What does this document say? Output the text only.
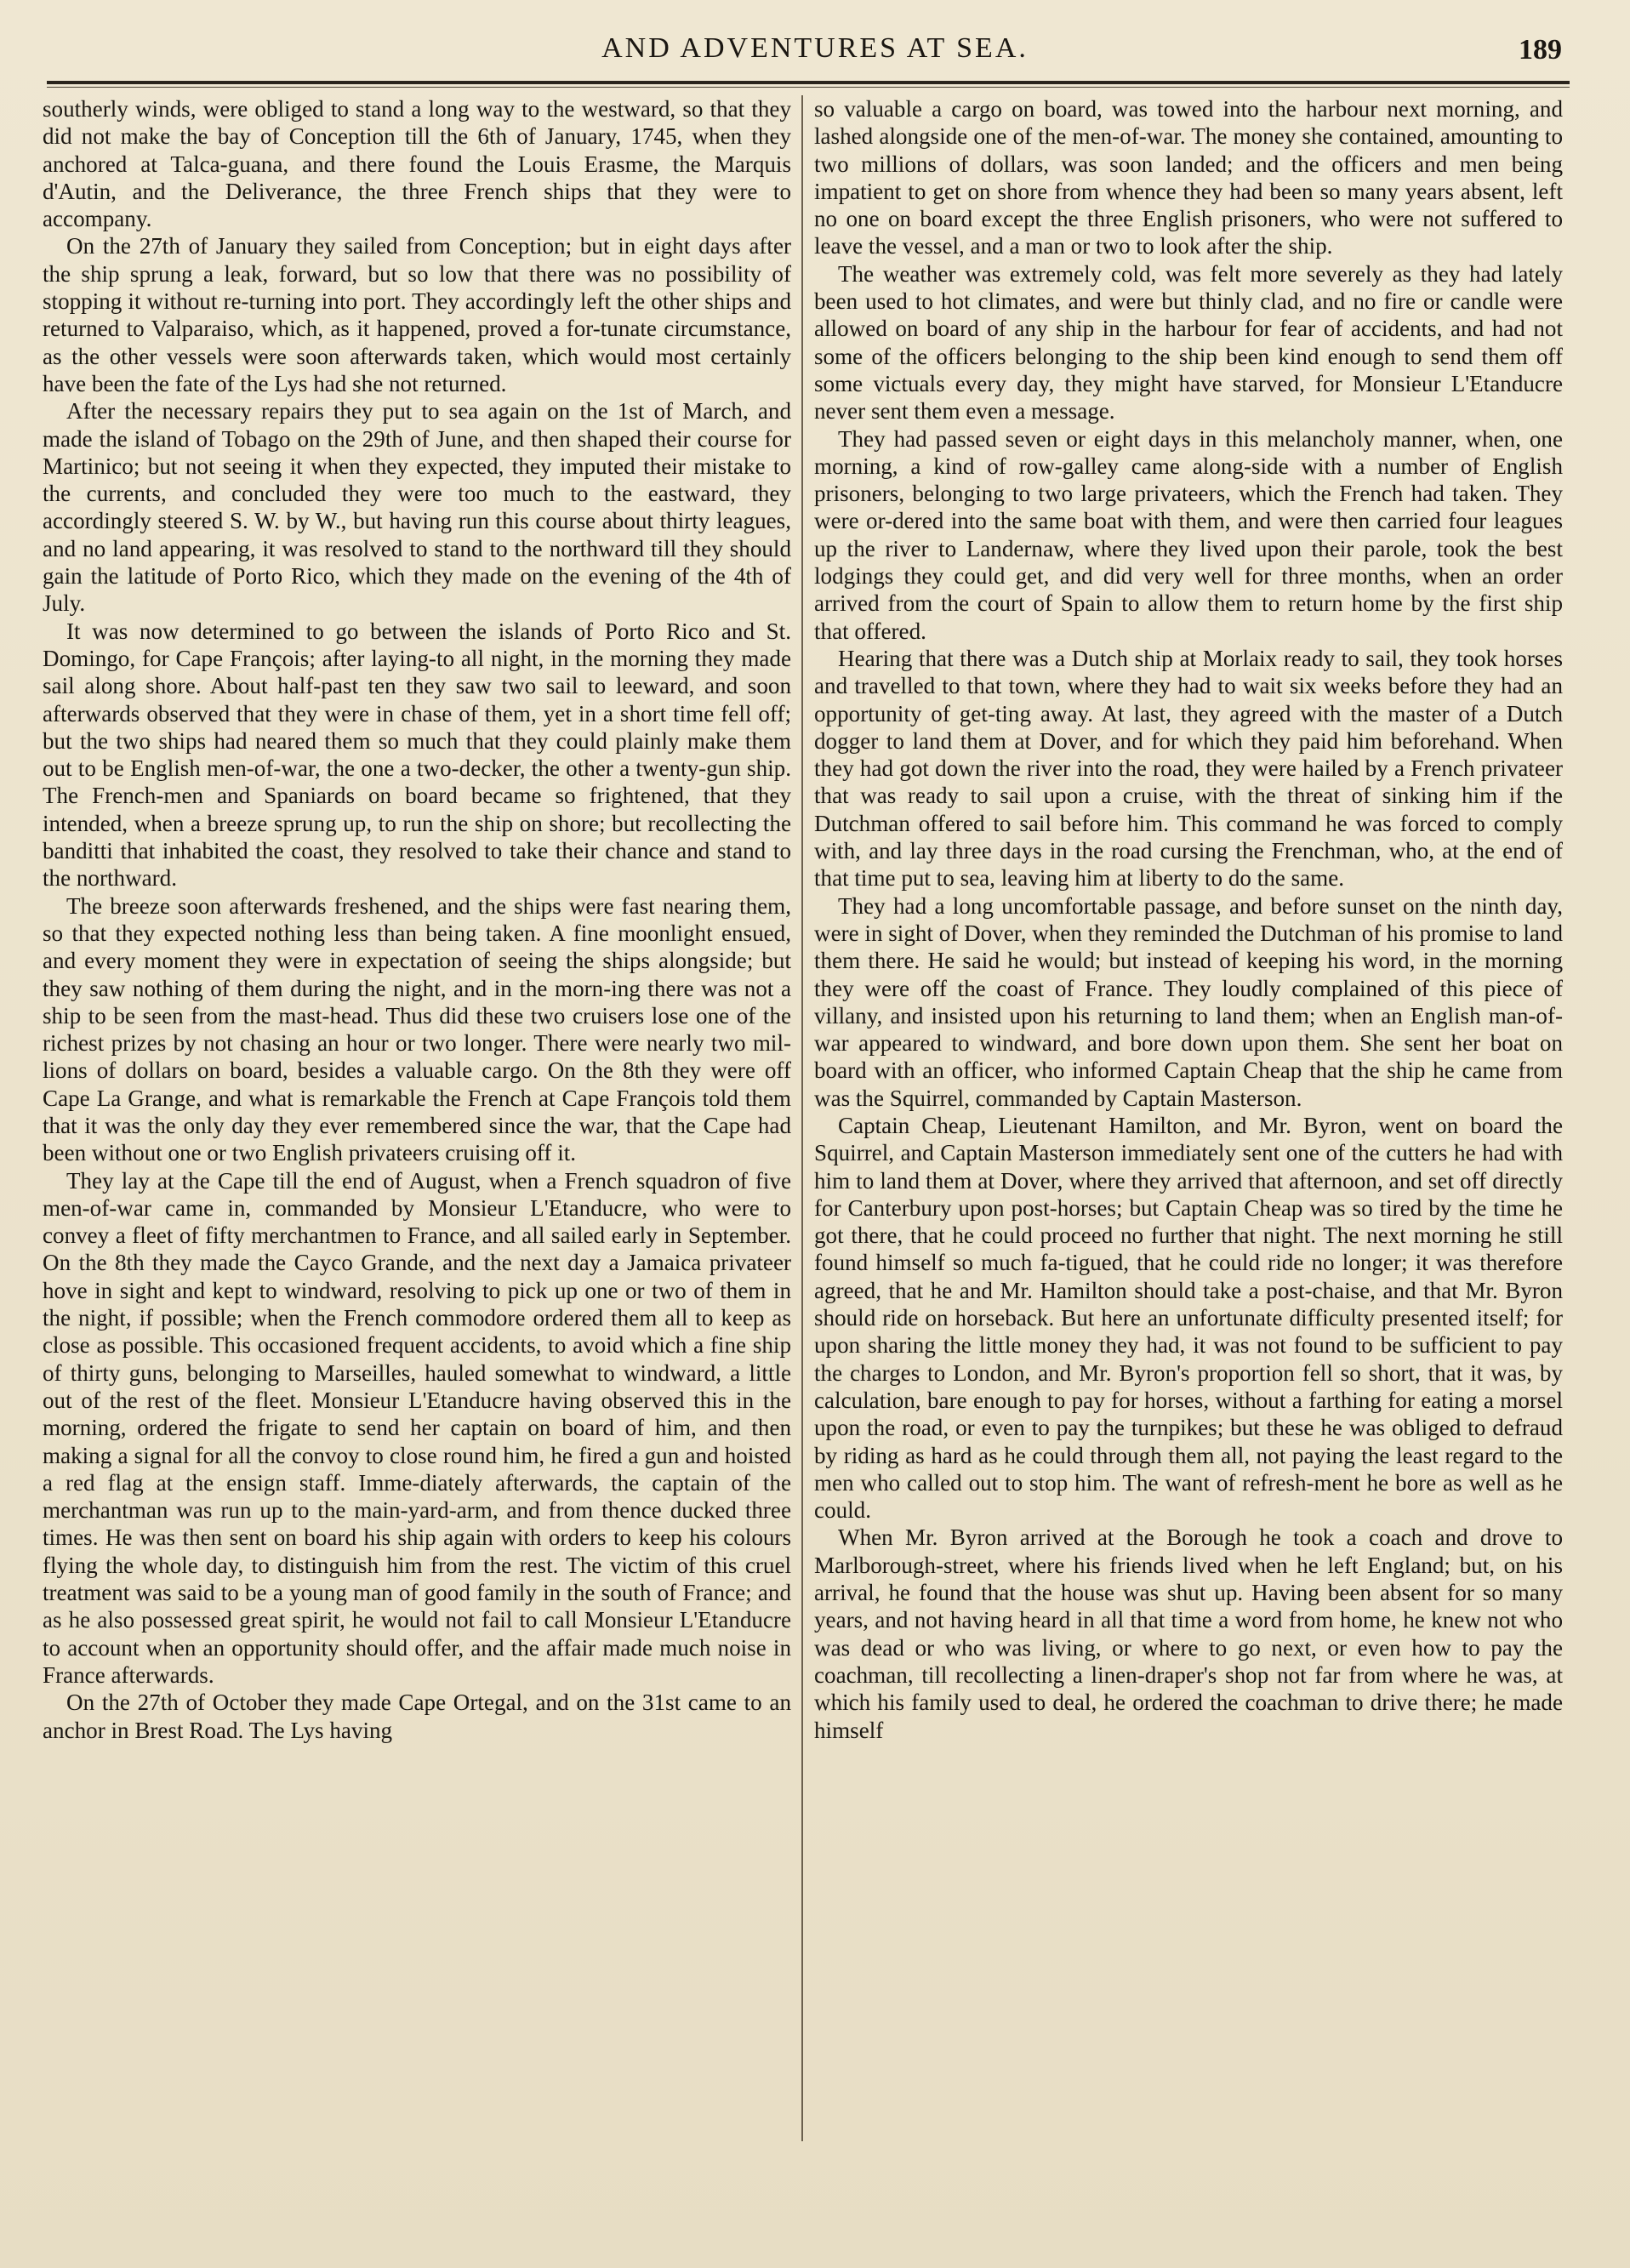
AND ADVENTURES AT SEA.	189

southerly winds, were obliged to stand a long way to the westward, so that they did not make the bay of Conception till the 6th of January, 1745, when they anchored at Talca-guana, and there found the Louis Erasme, the Marquis d'Autin, and the Deliverance, the three French ships that they were to accompany.

On the 27th of January they sailed from Conception; but in eight days after the ship sprung a leak, forward, but so low that there was no possibility of stopping it without re-turning into port. They accordingly left the other ships and returned to Valparaiso, which, as it happened, proved a for-tunate circumstance, as the other vessels were soon afterwards taken, which would most certainly have been the fate of the Lys had she not returned.

After the necessary repairs they put to sea again on the 1st of March, and made the island of Tobago on the 29th of June, and then shaped their course for Martinico; but not seeing it when they expected, they imputed their mistake to the currents, and concluded they were too much to the eastward, they accordingly steered S. W. by W., but having run this course about thirty leagues, and no land appearing, it was resolved to stand to the northward till they should gain the latitude of Porto Rico, which they made on the evening of the 4th of July.

It was now determined to go between the islands of Porto Rico and St. Domingo, for Cape François; after laying-to all night, in the morning they made sail along shore. About half-past ten they saw two sail to leeward, and soon afterwards observed that they were in chase of them, yet in a short time fell off; but the two ships had neared them so much that they could plainly make them out to be English men-of-war, the one a two-decker, the other a twenty-gun ship. The French-men and Spaniards on board became so frightened, that they intended, when a breeze sprung up, to run the ship on shore; but recollecting the banditti that inhabited the coast, they resolved to take their chance and stand to the northward.

The breeze soon afterwards freshened, and the ships were fast nearing them, so that they expected nothing less than being taken. A fine moonlight ensued, and every moment they were in expectation of seeing the ships alongside; but they saw nothing of them during the night, and in the morn-ing there was not a ship to be seen from the mast-head. Thus did these two cruisers lose one of the richest prizes by not chasing an hour or two longer. There were nearly two mil-lions of dollars on board, besides a valuable cargo. On the 8th they were off Cape La Grange, and what is remarkable the French at Cape François told them that it was the only day they ever remembered since the war, that the Cape had been without one or two English privateers cruising off it.

They lay at the Cape till the end of August, when a French squadron of five men-of-war came in, commanded by Monsieur L'Etanducre, who were to convey a fleet of fifty merchantmen to France, and all sailed early in September. On the 8th they made the Cayco Grande, and the next day a Jamaica privateer hove in sight and kept to windward, resolving to pick up one or two of them in the night, if possible; when the French commodore ordered them all to keep as close as possible. This occasioned frequent accidents, to avoid which a fine ship of thirty guns, belonging to Marseilles, hauled somewhat to windward, a little out of the rest of the fleet. Monsieur L'Etanducre having observed this in the morning, ordered the frigate to send her captain on board of him, and then making a signal for all the convoy to close round him, he fired a gun and hoisted a red flag at the ensign staff. Imme-diately afterwards, the captain of the merchantman was run up to the main-yard-arm, and from thence ducked three times. He was then sent on board his ship again with orders to keep his colours flying the whole day, to distinguish him from the rest. The victim of this cruel treatment was said to be a young man of good family in the south of France; and as he also possessed great spirit, he would not fail to call Monsieur L'Etanducre to account when an opportunity should offer, and the affair made much noise in France afterwards.

On the 27th of October they made Cape Ortegal, and on the 31st came to an anchor in Brest Road. The Lys having

so valuable a cargo on board, was towed into the harbour next morning, and lashed alongside one of the men-of-war. The money she contained, amounting to two millions of dollars, was soon landed; and the officers and men being impatient to get on shore from whence they had been so many years absent, left no one on board except the three English prisoners, who were not suffered to leave the vessel, and a man or two to look after the ship.

The weather was extremely cold, was felt more severely as they had lately been used to hot climates, and were but thinly clad, and no fire or candle were allowed on board of any ship in the harbour for fear of accidents, and had not some of the officers belonging to the ship been kind enough to send them off some victuals every day, they might have starved, for Monsieur L'Etanducre never sent them even a message.

They had passed seven or eight days in this melancholy manner, when, one morning, a kind of row-galley came along-side with a number of English prisoners, belonging to two large privateers, which the French had taken. They were or-dered into the same boat with them, and were then carried four leagues up the river to Landernaw, where they lived upon their parole, took the best lodgings they could get, and did very well for three months, when an order arrived from the court of Spain to allow them to return home by the first ship that offered.

Hearing that there was a Dutch ship at Morlaix ready to sail, they took horses and travelled to that town, where they had to wait six weeks before they had an opportunity of get-ting away. At last, they agreed with the master of a Dutch dogger to land them at Dover, and for which they paid him beforehand. When they had got down the river into the road, they were hailed by a French privateer that was ready to sail upon a cruise, with the threat of sinking him if the Dutchman offered to sail before him. This command he was forced to comply with, and lay three days in the road cursing the Frenchman, who, at the end of that time put to sea, leaving him at liberty to do the same.

They had a long uncomfortable passage, and before sunset on the ninth day, were in sight of Dover, when they reminded the Dutchman of his promise to land them there. He said he would; but instead of keeping his word, in the morning they were off the coast of France. They loudly complained of this piece of villany, and insisted upon his returning to land them; when an English man-of-war appeared to windward, and bore down upon them. She sent her boat on board with an officer, who informed Captain Cheap that the ship he came from was the Squirrel, commanded by Captain Masterson.

Captain Cheap, Lieutenant Hamilton, and Mr. Byron, went on board the Squirrel, and Captain Masterson immediately sent one of the cutters he had with him to land them at Dover, where they arrived that afternoon, and set off directly for Canterbury upon post-horses; but Captain Cheap was so tired by the time he got there, that he could proceed no further that night. The next morning he still found himself so much fa-tigued, that he could ride no longer; it was therefore agreed, that he and Mr. Hamilton should take a post-chaise, and that Mr. Byron should ride on horseback. But here an unfortunate difficulty presented itself; for upon sharing the little money they had, it was not found to be sufficient to pay the charges to London, and Mr. Byron's proportion fell so short, that it was, by calculation, bare enough to pay for horses, without a farthing for eating a morsel upon the road, or even to pay the turnpikes; but these he was obliged to defraud by riding as hard as he could through them all, not paying the least regard to the men who called out to stop him. The want of refresh-ment he bore as well as he could.

When Mr. Byron arrived at the Borough he took a coach and drove to Marlborough-street, where his friends lived when he left England; but, on his arrival, he found that the house was shut up. Having been absent for so many years, and not having heard in all that time a word from home, he knew not who was dead or who was living, or where to go next, or even how to pay the coachman, till recollecting a linen-draper's shop not far from where he was, at which his family used to deal, he ordered the coachman to drive there; he made himself
